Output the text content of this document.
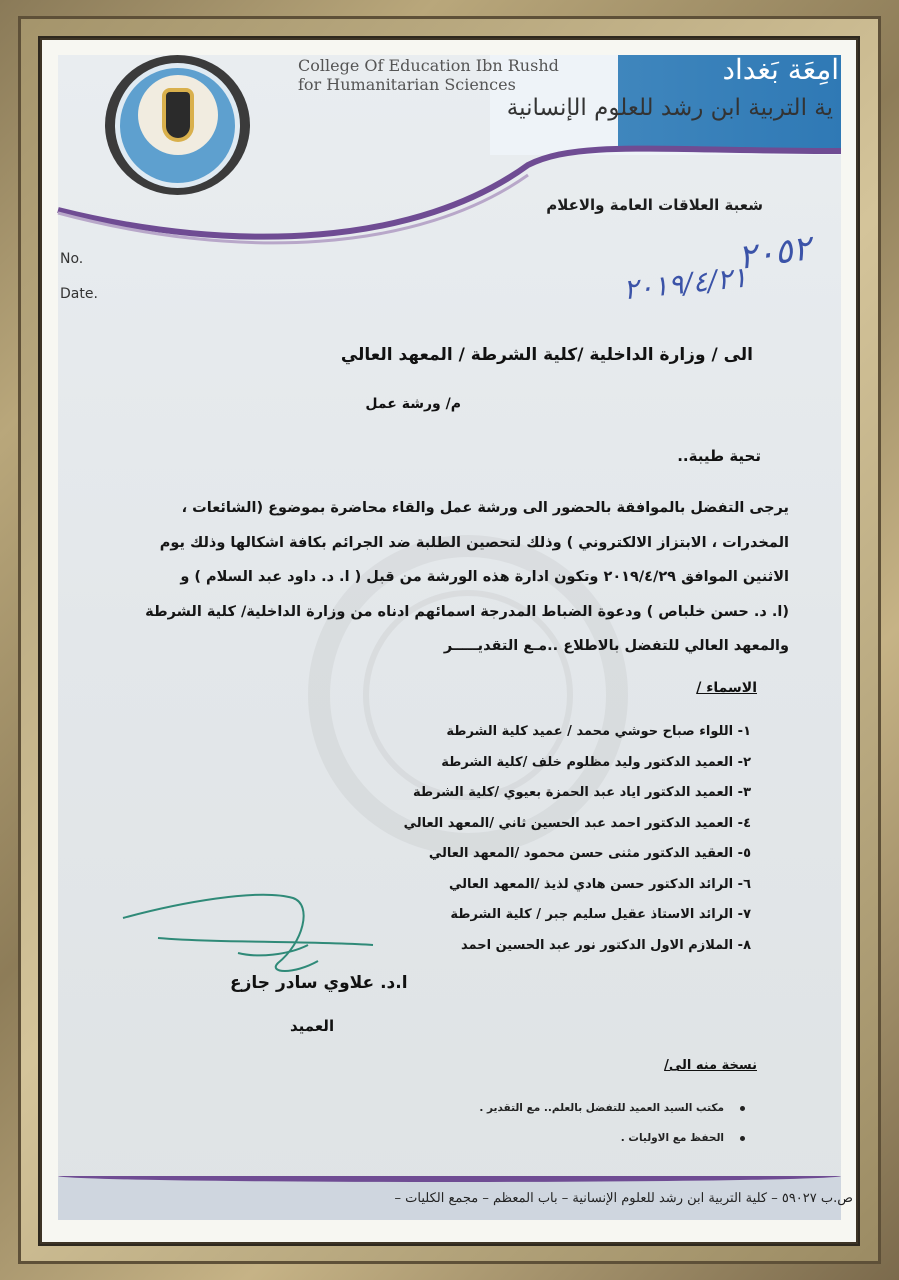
College Of Education Ibn Rushd
for Humanitarian Sciences	امِعَة بَغداد
ية التربية ابن رشد للعلوم الإنسانية
شعبة العلاقات العامة والاعلام
No.
Date.
٢٠٥٢
٢٠١٩/٤/٢١
الى / وزارة الداخلية /كلية الشرطة / المعهد العالي
م/ ورشة عمل
تحية طيبة..
يرجى التفضل بالموافقة بالحضور الى ورشة عمل والقاء محاضرة بموضوع (الشائعات ،
المخدرات ، الابتزاز الالكتروني ) وذلك لتحصين الطلبة ضد الجرائم بكافة اشكالها وذلك يوم
الاثنين الموافق ٢٠١٩/٤/٢٩ وتكون ادارة هذه الورشة من قبل ( ا. د. داود عبد السلام ) و
(ا. د. حسن خلباص ) ودعوة الضباط المدرجة اسمائهم ادناه من وزارة الداخلية/ كلية الشرطة
والمعهد العالي للتفضل بالاطلاع ..مـع التقديـــــر
الاسماء /
١- اللواء صباح حوشي محمد / عميد كلية الشرطة
٢- العميد الدكتور وليد مظلوم خلف /كلية الشرطة
٣- العميد الدكتور اياد عبد الحمزة بعيوي /كلية الشرطة
٤- العميد الدكتور احمد عبد الحسين ثاني /المعهد العالي
٥- العقيد الدكتور مثنى حسن محمود /المعهد العالي
٦- الرائد الدكتور حسن هادي لذيذ /المعهد العالي
٧- الرائد الاستاذ عقيل سليم جبر / كلية الشرطة
٨- الملازم الاول الدكتور نور عبد الحسين احمد
ا.د. علاوي سادر جازع
العميد
نسخة منه الى/
مكتب السيد العميد للتفضل بالعلم.. مع التقدير .
الحفظ مع الاوليات .
ص.ب ٥٩٠٢٧ – كلية التربية ابن رشد للعلوم الإنسانية – باب المعظم – مجمع الكليات –
